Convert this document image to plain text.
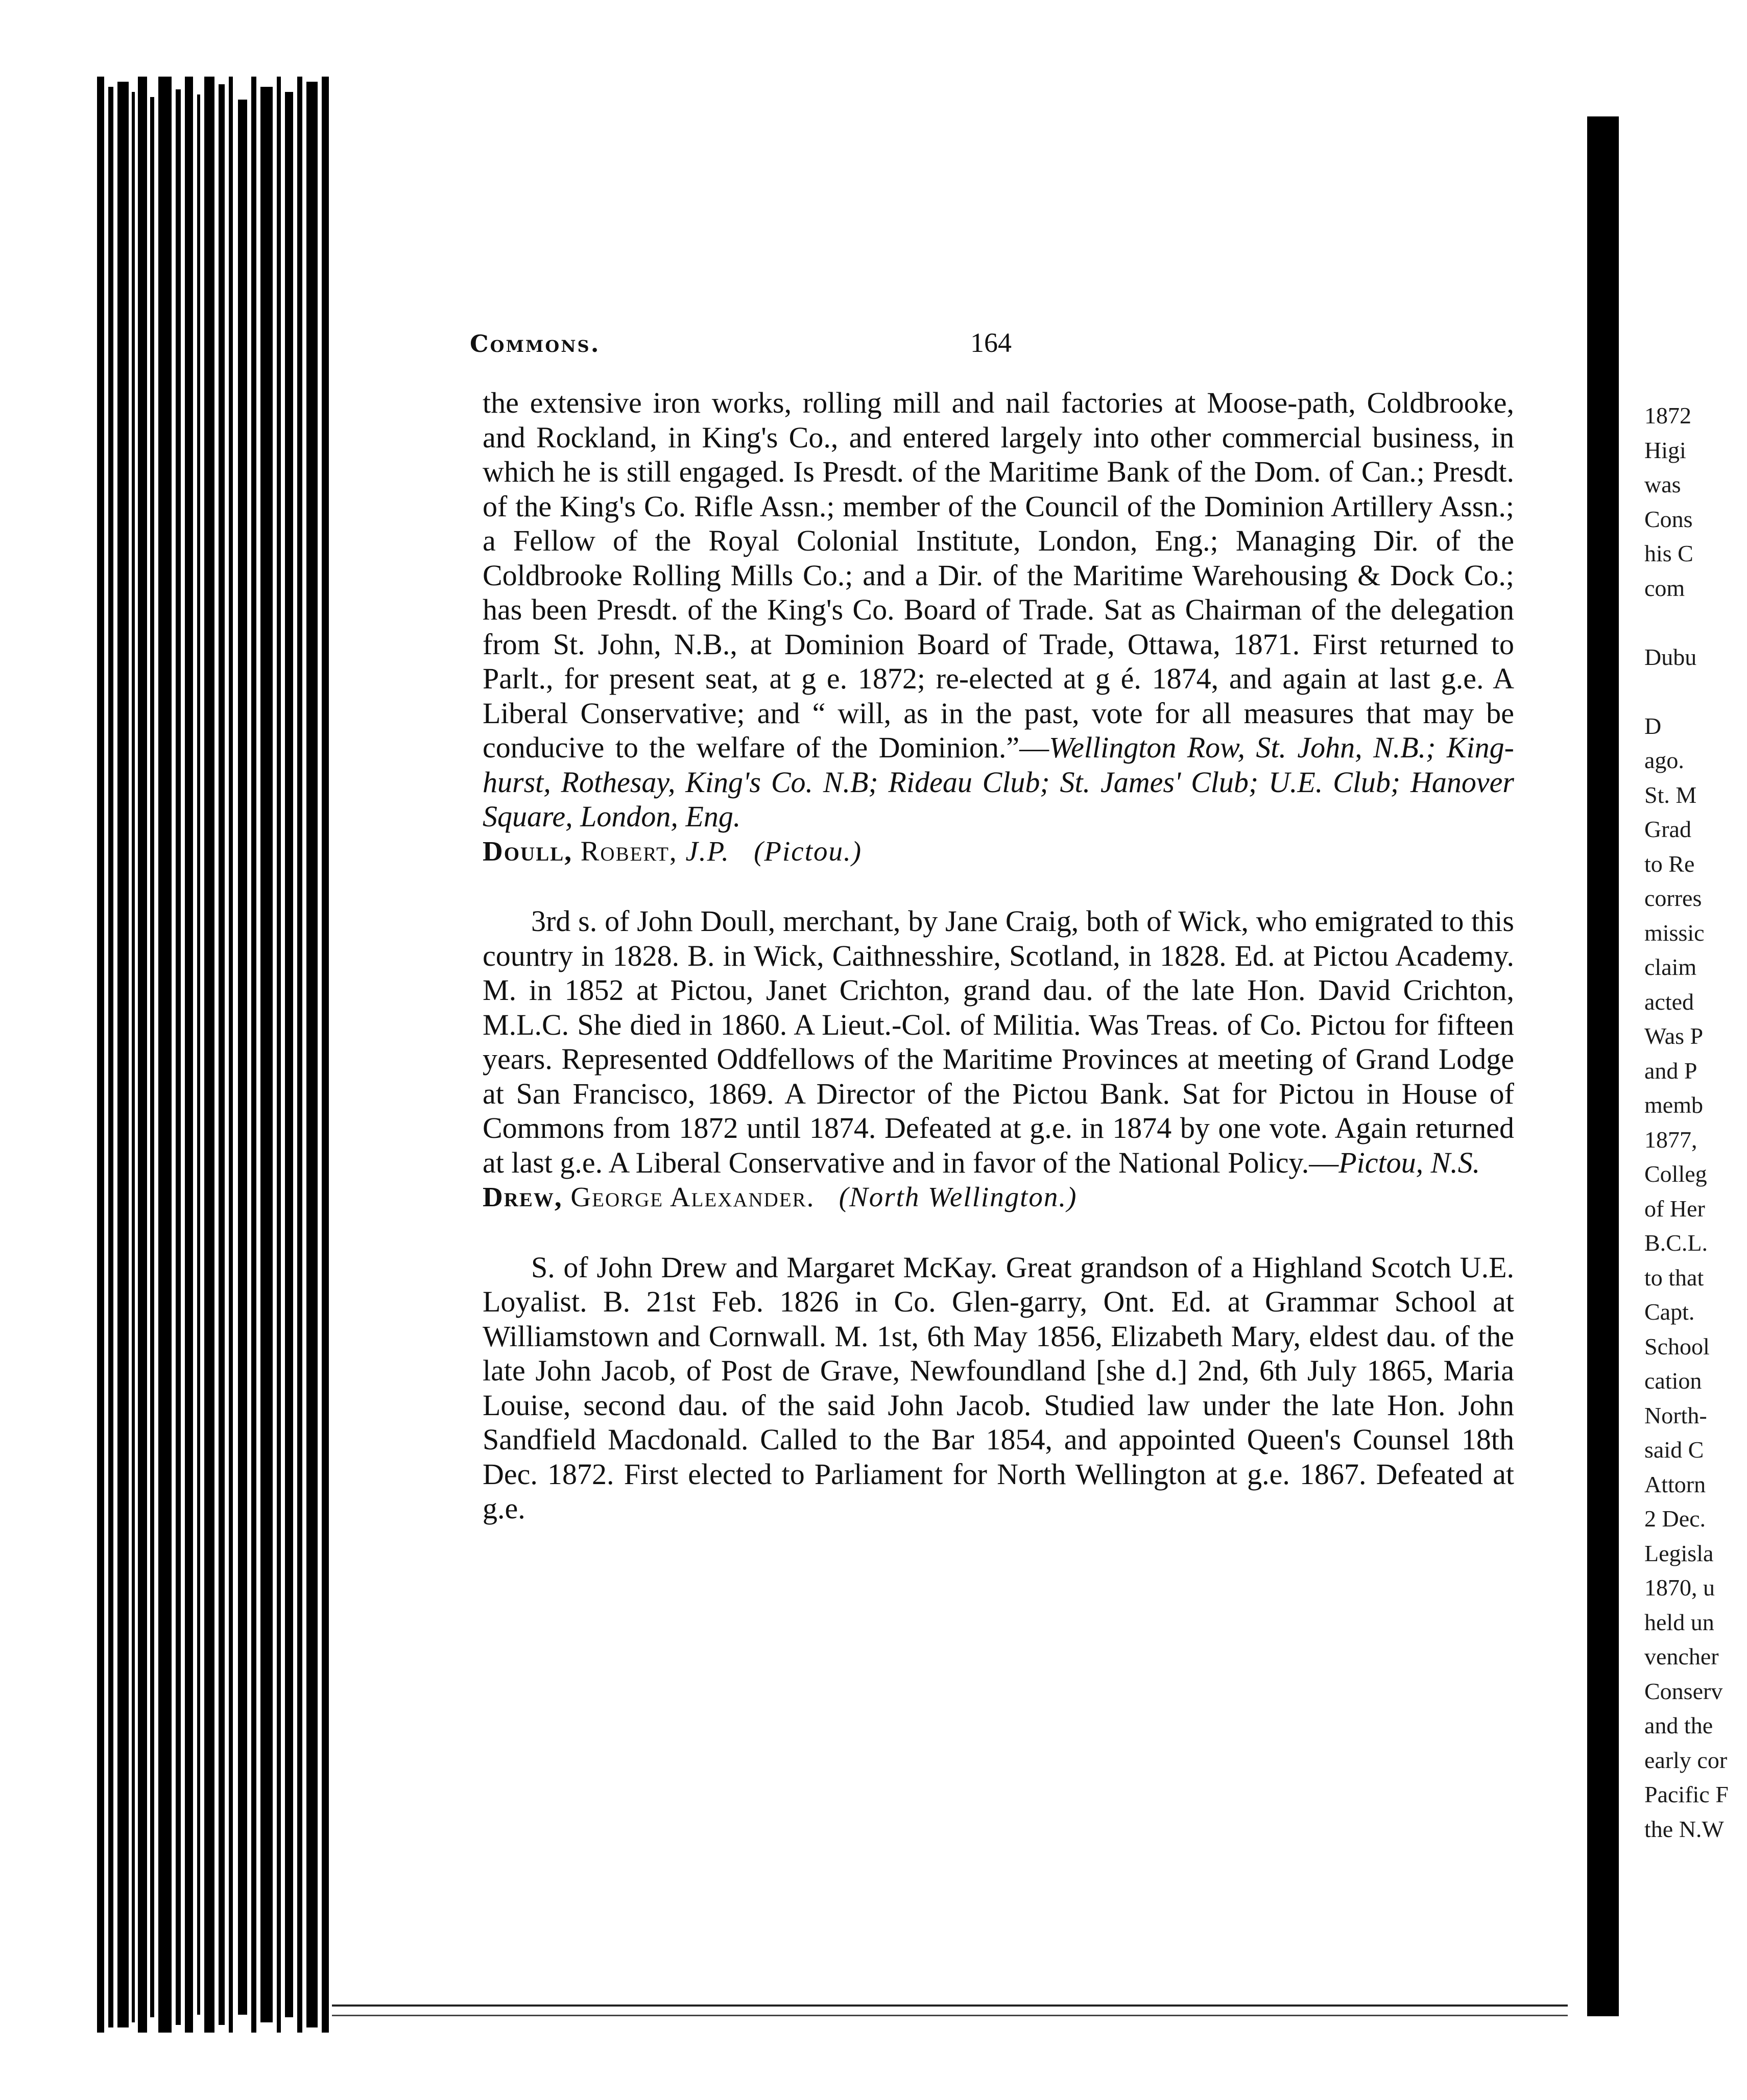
Commons.	164

the extensive iron works, rolling mill and nail factories at Moose-path, Coldbrooke, and Rockland, in King's Co., and entered largely into other commercial business, in which he is still engaged. Is Presdt. of the Maritime Bank of the Dom. of Can.; Presdt. of the King's Co. Rifle Assn.; member of the Council of the Dominion Artillery Assn.; a Fellow of the Royal Colonial Institute, London, Eng.; Managing Dir. of the Coldbrooke Rolling Mills Co.; and a Dir. of the Maritime Warehousing & Dock Co.; has been Presdt. of the King's Co. Board of Trade. Sat as Chairman of the delegation from St. John, N.B., at Dominion Board of Trade, Ottawa, 1871. First returned to Parlt., for present seat, at g e. 1872; re-elected at g é. 1874, and again at last g.e. A Liberal Conservative; and “ will, as in the past, vote for all measures that may be conducive to the welfare of the Dominion.”—Wellington Row, St. John, N.B.; King-hurst, Rothesay, King's Co. N.B; Rideau Club; St. James' Club; U.E. Club; Hanover Square, London, Eng.

Doull, Robert, J.P. (Pictou.)

3rd s. of John Doull, merchant, by Jane Craig, both of Wick, who emigrated to this country in 1828. B. in Wick, Caithnesshire, Scotland, in 1828. Ed. at Pictou Academy. M. in 1852 at Pictou, Janet Crichton, grand dau. of the late Hon. David Crichton, M.L.C. She died in 1860. A Lieut.-Col. of Militia. Was Treas. of Co. Pictou for fifteen years. Represented Oddfellows of the Maritime Provinces at meeting of Grand Lodge at San Francisco, 1869. A Director of the Pictou Bank. Sat for Pictou in House of Commons from 1872 until 1874. Defeated at g.e. in 1874 by one vote. Again returned at last g.e. A Liberal Conservative and in favor of the National Policy.—Pictou, N.S.

Drew, George Alexander. (North Wellington.)

S. of John Drew and Margaret McKay. Great grandson of a Highland Scotch U.E. Loyalist. B. 21st Feb. 1826 in Co. Glen-garry, Ont. Ed. at Grammar School at Williamstown and Cornwall. M. 1st, 6th May 1856, Elizabeth Mary, eldest dau. of the late John Jacob, of Post de Grave, Newfoundland [she d.] 2nd, 6th July 1865, Maria Louise, second dau. of the said John Jacob. Studied law under the late Hon. John Sandfield Macdonald. Called to the Bar 1854, and appointed Queen's Counsel 18th Dec. 1872. First elected to Parliament for North Wellington at g.e. 1867. Defeated at g.e.

1872
Higi
was
Cons
his C
com
Dubu
D
ago.
St. M
Grad
to Re
corres
missic
claim
acted
Was P
and P
memb
1877,
Colleg
of Her
B.C.L.
to that
Capt.
School
cation
North-
said C
Attorn
2 Dec.
Legisla
1870, u
held un
vencher
Conserv
and the
early cor
Pacific F
the N.W
